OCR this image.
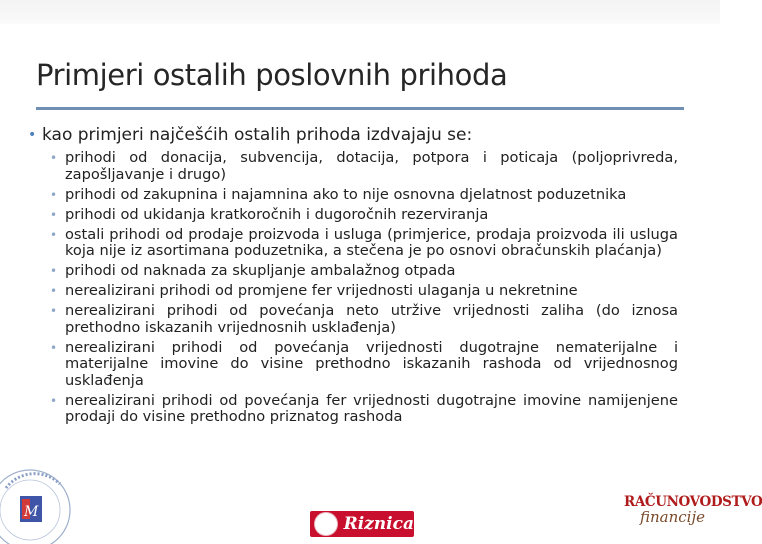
Primjeri ostalih poslovnih prihoda
• kao primjeri najčešćih ostalih prihoda izdvajaju se:
• prihodi od donacija, subvencija, dotacija, potpora i poticaja (poljoprivreda, zapošljavanje i drugo)
• prihodi od zakupnina i najamnina ako to nije osnovna djelatnost poduzetnika
• prihodi od ukidanja kratkoročnih i dugoročnih rezerviranja
• ostali prihodi od prodaje proizvoda i usluga (primjerice, prodaja proizvoda ili usluga koja nije iz asortimana poduzetnika, a stečena je po osnovi obračunskih plaćanja)
• prihodi od naknada za skupljanje ambalažnog otpada
• nerealizirani prihodi od promjene fer vrijednosti ulaganja u nekretnine
• nerealizirani prihodi od povećanja neto utržive vrijednosti zaliha (do iznosa prethodno iskazanih vrijednosnih usklađenja)
• nerealizirani prihodi od povećanja vrijednosti dugotrajne nematerijalne i materijalne imovine do visine prethodno iskazanih rashoda od vrijednosnog usklađenja
• nerealizirani prihodi od povećanja fer vrijednosti dugotrajne imovine namijenjene prodaji do visine prethodno priznatog rashoda
M
Riznica
RAČUNOVODSTVO
financije
